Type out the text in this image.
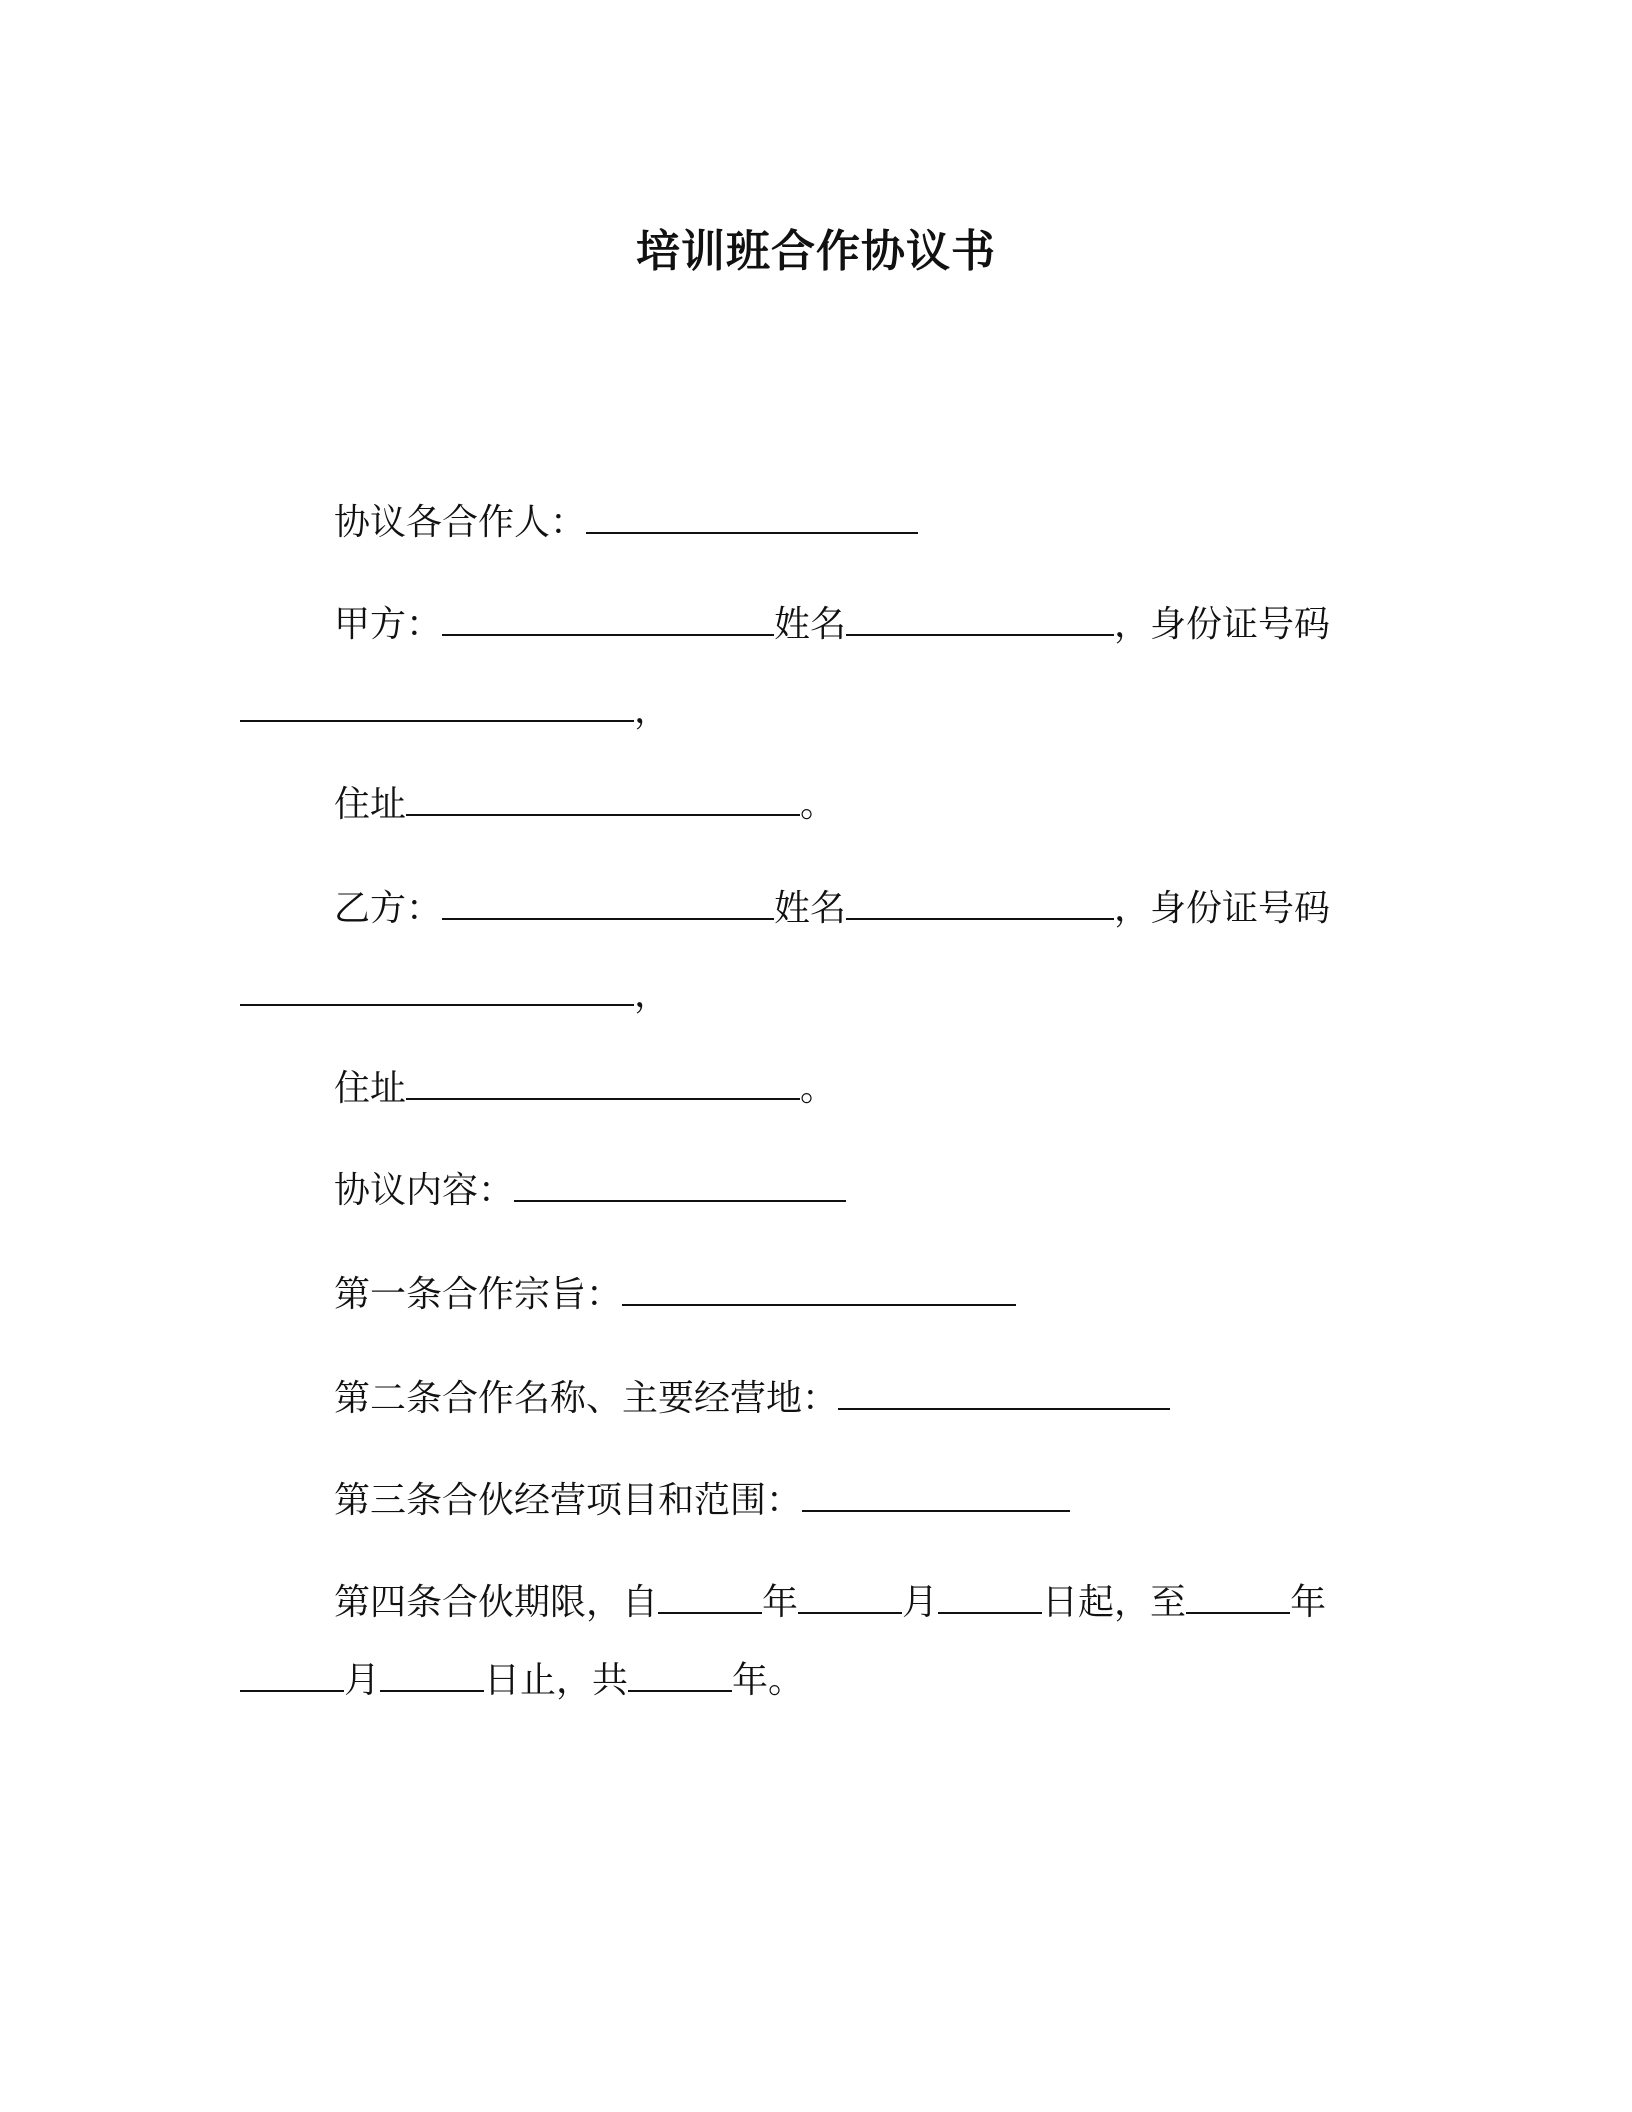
培训班合作协议书
协议各合作人：
甲方：	姓名	，身份证号码
，
住址	。
乙方：	姓名	，身份证号码
，
住址	。
协议内容：
第一条合作宗旨：
第二条合作名称、主要经营地：
第三条合伙经营项目和范围：
第四条合伙期限，自	年	月	日起，至	年
月	日止，共	年。
